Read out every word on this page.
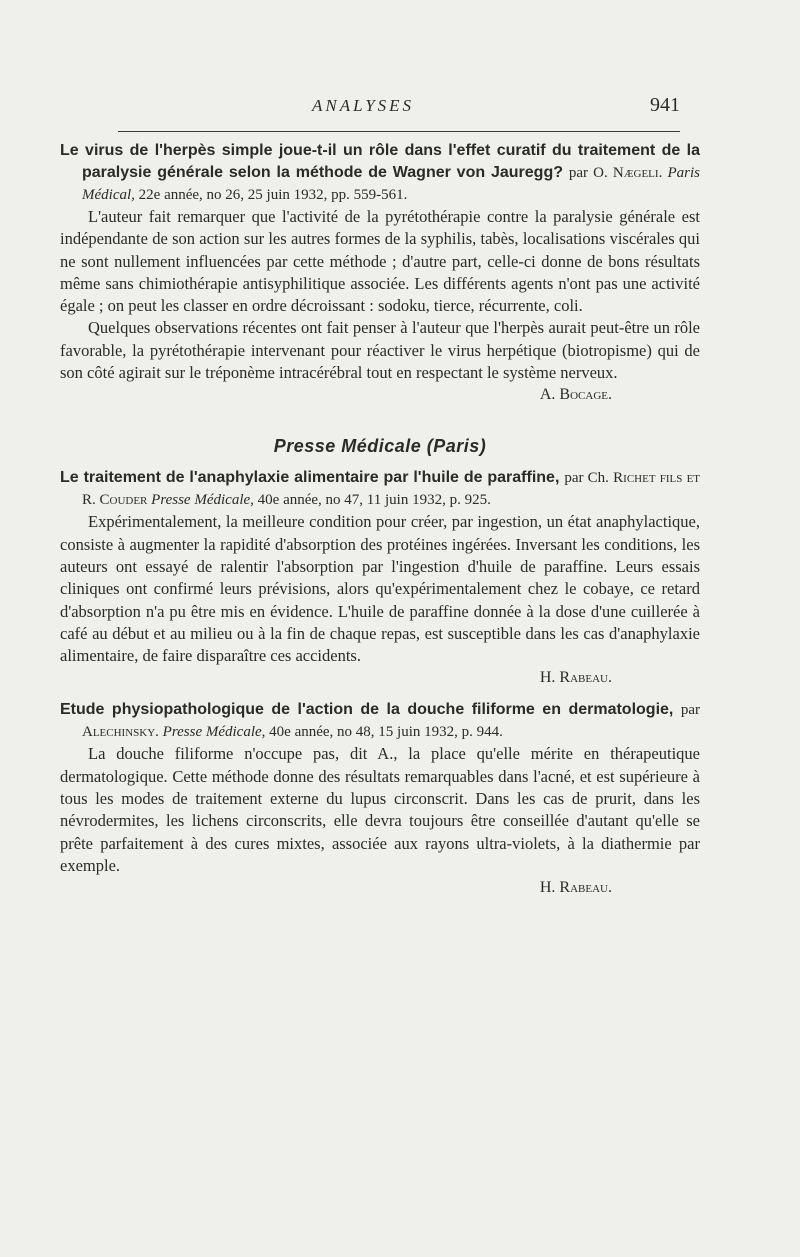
ANALYSES	941

Le virus de l'herpès simple joue-t-il un rôle dans l'effet curatif du traitement de la paralysie générale selon la méthode de Wagner von Jauregg? par O. Nægeli. Paris Médical, 22e année, no 26, 25 juin 1932, pp. 559-561.

L'auteur fait remarquer que l'activité de la pyrétothérapie contre la paralysie générale est indépendante de son action sur les autres formes de la syphilis, tabès, localisations viscérales qui ne sont nullement influencées par cette méthode ; d'autre part, celle-ci donne de bons résultats même sans chimiothérapie antisyphilitique associée. Les différents agents n'ont pas une activité égale ; on peut les classer en ordre décroissant : sodoku, tierce, récurrente, coli.

Quelques observations récentes ont fait penser à l'auteur que l'herpès aurait peut-être un rôle favorable, la pyrétothérapie intervenant pour réactiver le virus herpétique (biotropisme) qui de son côté agirait sur le tréponème intracérébral tout en respectant le système nerveux.

A. Bocage.

Presse Médicale (Paris)

Le traitement de l'anaphylaxie alimentaire par l'huile de paraffine, par Ch. Richet fils et R. Couder Presse Médicale, 40e année, no 47, 11 juin 1932, p. 925.

Expérimentalement, la meilleure condition pour créer, par ingestion, un état anaphylactique, consiste à augmenter la rapidité d'absorption des protéines ingérées. Inversant les conditions, les auteurs ont essayé de ralentir l'absorption par l'ingestion d'huile de paraffine. Leurs essais cliniques ont confirmé leurs prévisions, alors qu'expérimentalement chez le cobaye, ce retard d'absorption n'a pu être mis en évidence. L'huile de paraffine donnée à la dose d'une cuillerée à café au début et au milieu ou à la fin de chaque repas, est susceptible dans les cas d'anaphylaxie alimentaire, de faire disparaître ces accidents.

H. Rabeau.

Etude physiopathologique de l'action de la douche filiforme en dermatologie, par Alechinsky. Presse Médicale, 40e année, no 48, 15 juin 1932, p. 944.

La douche filiforme n'occupe pas, dit A., la place qu'elle mérite en thérapeutique dermatologique. Cette méthode donne des résultats remarquables dans l'acné, et est supérieure à tous les modes de traitement externe du lupus circonscrit. Dans les cas de prurit, dans les névrodermites, les lichens circonscrits, elle devra toujours être conseillée d'autant qu'elle se prête parfaitement à des cures mixtes, associée aux rayons ultra-violets, à la diathermie par exemple.

H. Rabeau.
